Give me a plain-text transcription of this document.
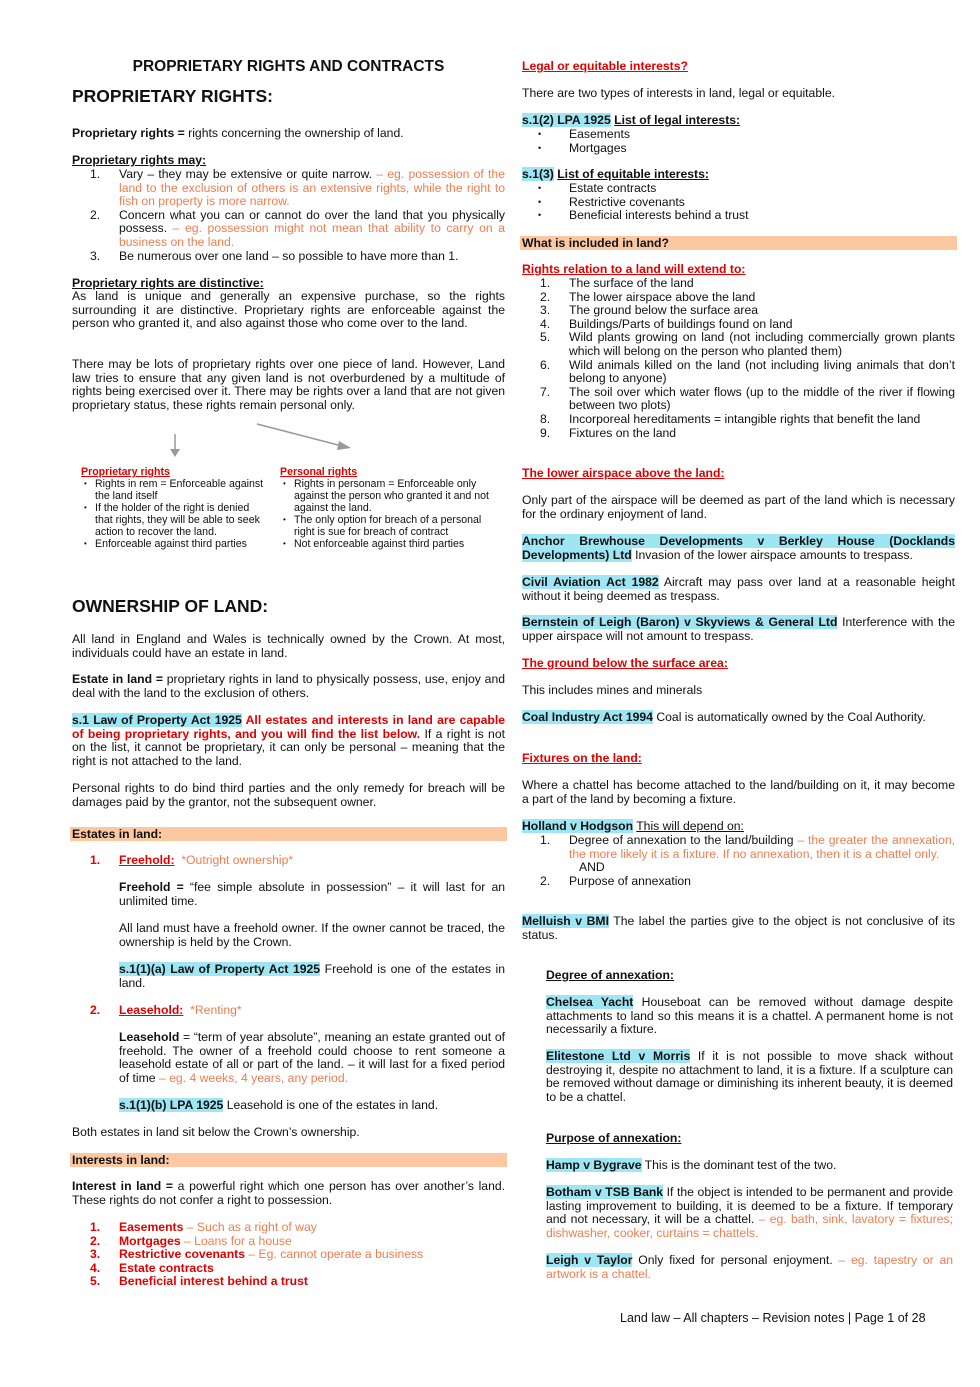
PROPRIETARY RIGHTS AND CONTRACTS
PROPRIETARY RIGHTS:
Proprietary rights = rights concerning the ownership of land.
Proprietary rights may:
1. Vary – they may be extensive or quite narrow. – eg. possession of the land to the exclusion of others is an extensive rights, while the right to fish on property is more narrow.
2. Concern what you can or cannot do over the land that you physically possess. – eg. possession might not mean that ability to carry on a business on the land.
3. Be numerous over one land – so possible to have more than 1.
Proprietary rights are distinctive:
As land is unique and generally an expensive purchase, so the rights surrounding it are distinctive. Proprietary rights are enforceable against the person who granted it, and also against those who come over to the land.
There may be lots of proprietary rights over one piece of land. However, Land law tries to ensure that any given land is not overburdened by a multitude of rights being exercised over it. There may be rights over a land that are not given proprietary status, these rights remain personal only.
Proprietary rights
• Rights in rem = Enforceable against the land itself
• If the holder of the right is denied that rights, they will be able to seek action to recover the land.
• Enforceable against third parties
Personal rights
• Rights in personam = Enforceable only against the person who granted it and not against the land.
• The only option for breach of a personal right is sue for breach of contract
• Not enforceable against third parties
OWNERSHIP OF LAND:
All land in England and Wales is technically owned by the Crown. At most, individuals could have an estate in land.
Estate in land = proprietary rights in land to physically possess, use, enjoy and deal with the land to the exclusion of others.
s.1 Law of Property Act 1925 All estates and interests in land are capable of being proprietary rights, and you will find the list below. If a right is not on the list, it cannot be proprietary, it can only be personal – meaning that the right is not attached to the land.
Personal rights to do bind third parties and the only remedy for breach will be damages paid by the grantor, not the subsequent owner.
Estates in land:
1. Freehold: *Outright ownership*
Freehold = “fee simple absolute in possession” – it will last for an unlimited time.
All land must have a freehold owner. If the owner cannot be traced, the ownership is held by the Crown.
s.1(1)(a) Law of Property Act 1925 Freehold is one of the estates in land.
2. Leasehold: *Renting*
Leasehold = “term of year absolute”, meaning an estate granted out of freehold. The owner of a freehold could choose to rent someone a leasehold estate of all or part of the land. – it will last for a fixed period of time – eg. 4 weeks, 4 years, any period.
s.1(1)(b) LPA 1925 Leasehold is one of the estates in land.
Both estates in land sit below the Crown’s ownership.
Interests in land:
Interest in land = a powerful right which one person has over another’s land. These rights do not confer a right to possession.
1. Easements – Such as a right of way
2. Mortgages – Loans for a house
3. Restrictive covenants – Eg. cannot operate a business
4. Estate contracts
5. Beneficial interest behind a trust
Legal or equitable interests?
There are two types of interests in land, legal or equitable.
s.1(2) LPA 1925 List of legal interests:
• Easements
• Mortgages
s.1(3) List of equitable interests:
• Estate contracts
• Restrictive covenants
• Beneficial interests behind a trust
What is included in land?
Rights relation to a land will extend to:
1. The surface of the land
2. The lower airspace above the land
3. The ground below the surface area
4. Buildings/Parts of buildings found on land
5. Wild plants growing on land (not including commercially grown plants which will belong on the person who planted them)
6. Wild animals killed on the land (not including living animals that don’t belong to anyone)
7. The soil over which water flows (up to the middle of the river if flowing between two plots)
8. Incorporeal hereditaments = intangible rights that benefit the land
9. Fixtures on the land
The lower airspace above the land:
Only part of the airspace will be deemed as part of the land which is necessary for the ordinary enjoyment of land.
Anchor Brewhouse Developments v Berkley House (Docklands Developments) Ltd Invasion of the lower airspace amounts to trespass.
Civil Aviation Act 1982 Aircraft may pass over land at a reasonable height without it being deemed as trespass.
Bernstein of Leigh (Baron) v Skyviews & General Ltd Interference with the upper airspace will not amount to trespass.
The ground below the surface area:
This includes mines and minerals
Coal Industry Act 1994 Coal is automatically owned by the Coal Authority.
Fixtures on the land:
Where a chattel has become attached to the land/building on it, it may become a part of the land by becoming a fixture.
Holland v Hodgson This will depend on:
1. Degree of annexation to the land/building – the greater the annexation, the more likely it is a fixture. If no annexation, then it is a chattel only.
AND
2. Purpose of annexation
Melluish v BMI The label the parties give to the object is not conclusive of its status.
Degree of annexation:
Chelsea Yacht Houseboat can be removed without damage despite attachments to land so this means it is a chattel. A permanent home is not necessarily a fixture.
Elitestone Ltd v Morris If it is not possible to move shack without destroying it, despite no attachment to land, it is a fixture. If a sculpture can be removed without damage or diminishing its inherent beauty, it is deemed to be a chattel.
Purpose of annexation:
Hamp v Bygrave This is the dominant test of the two.
Botham v TSB Bank If the object is intended to be permanent and provide lasting improvement to building, it is deemed to be a fixture. If temporary and not necessary, it will be a chattel. – eg. bath, sink, lavatory = fixtures; dishwasher, cooker, curtains = chattels.
Leigh v Taylor Only fixed for personal enjoyment. – eg. tapestry or an artwork is a chattel.
Land law – All chapters – Revision notes | Page 1 of 28
